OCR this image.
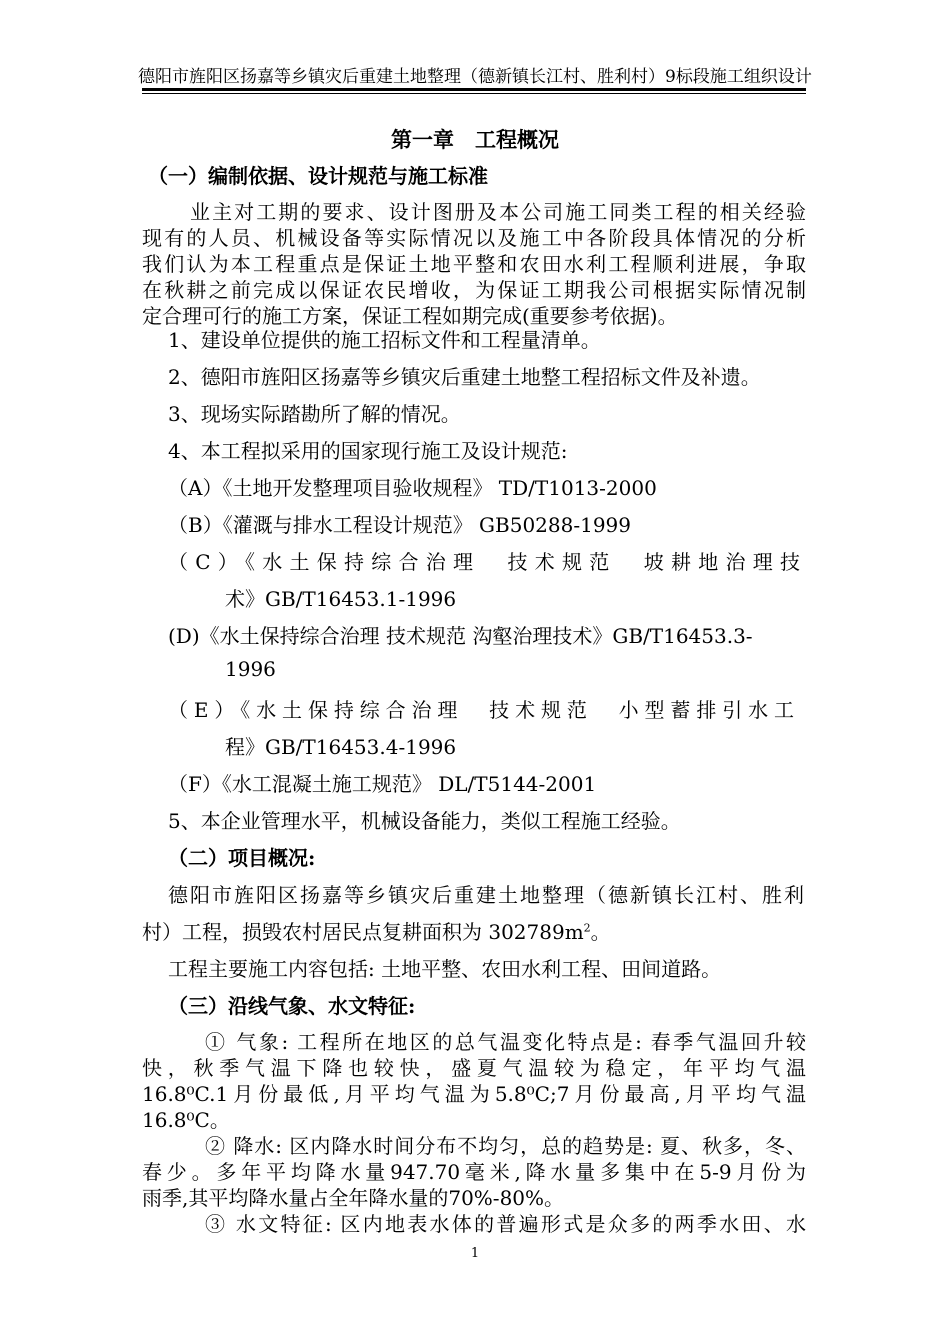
德阳市旌阳区扬嘉等乡镇灾后重建土地整理（德新镇长江村、胜利村）9标段施工组织设计
第一章　工程概况
（一）编制依据、设计规范与施工标准
业主对工期的要求、设计图册及本公司施工同类工程的相关经验
现有的人员、机械设备等实际情况以及施工中各阶段具体情况的分析
我们认为本工程重点是保证土地平整和农田水利工程顺利进展，争取
在秋耕之前完成以保证农民增收，为保证工期我公司根据实际情况制
定合理可行的施工方案，保证工程如期完成(重要参考依据)。
1、建设单位提供的施工招标文件和工程量清单。
2、德阳市旌阳区扬嘉等乡镇灾后重建土地整工程招标文件及补遗。
3、现场实际踏勘所了解的情况。
4、本工程拟采用的国家现行施工及设计规范:
（A）《土地开发整理项目验收规程》 TD/T1013-2000
（B）《灌溉与排水工程设计规范》 GB50288-1999
（C）《水土保持综合治理　技术规范　坡耕地治理技
术》GB/T16453.1-1996
(D)《水土保持综合治理 技术规范 沟壑治理技术》GB/T16453.3-
1996
（E）《水土保持综合治理　技术规范　小型蓄排引水工
程》GB/T16453.4-1996
（F）《水工混凝土施工规范》 DL/T5144-2001
5、本企业管理水平，机械设备能力，类似工程施工经验。
（二）项目概况:
德阳市旌阳区扬嘉等乡镇灾后重建土地整理（德新镇长江村、胜利
村）工程，损毁农村居民点复耕面积为 $302789m^2$。
工程主要施工内容包括: 土地平整、农田水利工程、田间道路。
（三）沿线气象、水文特征:
① 气象: 工程所在地区的总气温变化特点是: 春季气温回升较
快，秋季气温下降也较快，盛夏气温较为稳定，年平均气温
16.8⁰C.1月份最低,月平均气温为5.8⁰C;7月份最高,月平均气温
16.8⁰C。
② 降水: 区内降水时间分布不均匀，总的趋势是: 夏、秋多，冬、
春少。多年平均降水量947.70毫米,降水量多集中在5-9月份为
雨季,其平均降水量占全年降水量的70%-80%。
③ 水文特征: 区内地表水体的普遍形式是众多的两季水田、水
1
